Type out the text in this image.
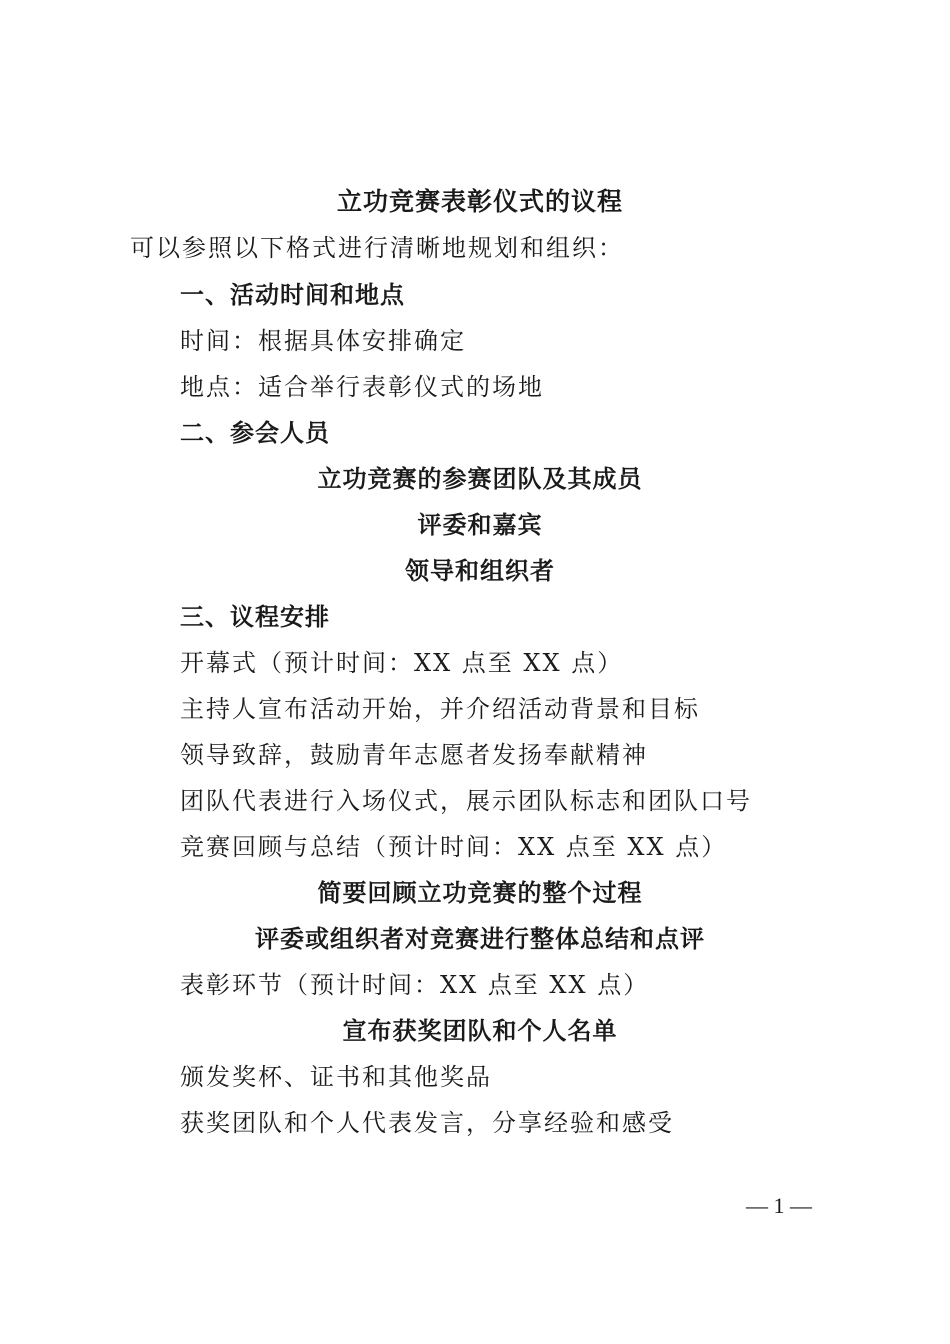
立功竞赛表彰仪式的议程
可以参照以下格式进行清晰地规划和组织：
一、活动时间和地点
时间：根据具体安排确定
地点：适合举行表彰仪式的场地
二、参会人员
立功竞赛的参赛团队及其成员
评委和嘉宾
领导和组织者
三、议程安排
开幕式（预计时间：XX 点至 XX 点）
主持人宣布活动开始，并介绍活动背景和目标
领导致辞，鼓励青年志愿者发扬奉献精神
团队代表进行入场仪式，展示团队标志和团队口号
竞赛回顾与总结（预计时间：XX 点至 XX 点）
简要回顾立功竞赛的整个过程
评委或组织者对竞赛进行整体总结和点评
表彰环节（预计时间：XX 点至 XX 点）
宣布获奖团队和个人名单
颁发奖杯、证书和其他奖品
获奖团队和个人代表发言，分享经验和感受
— 1 —
